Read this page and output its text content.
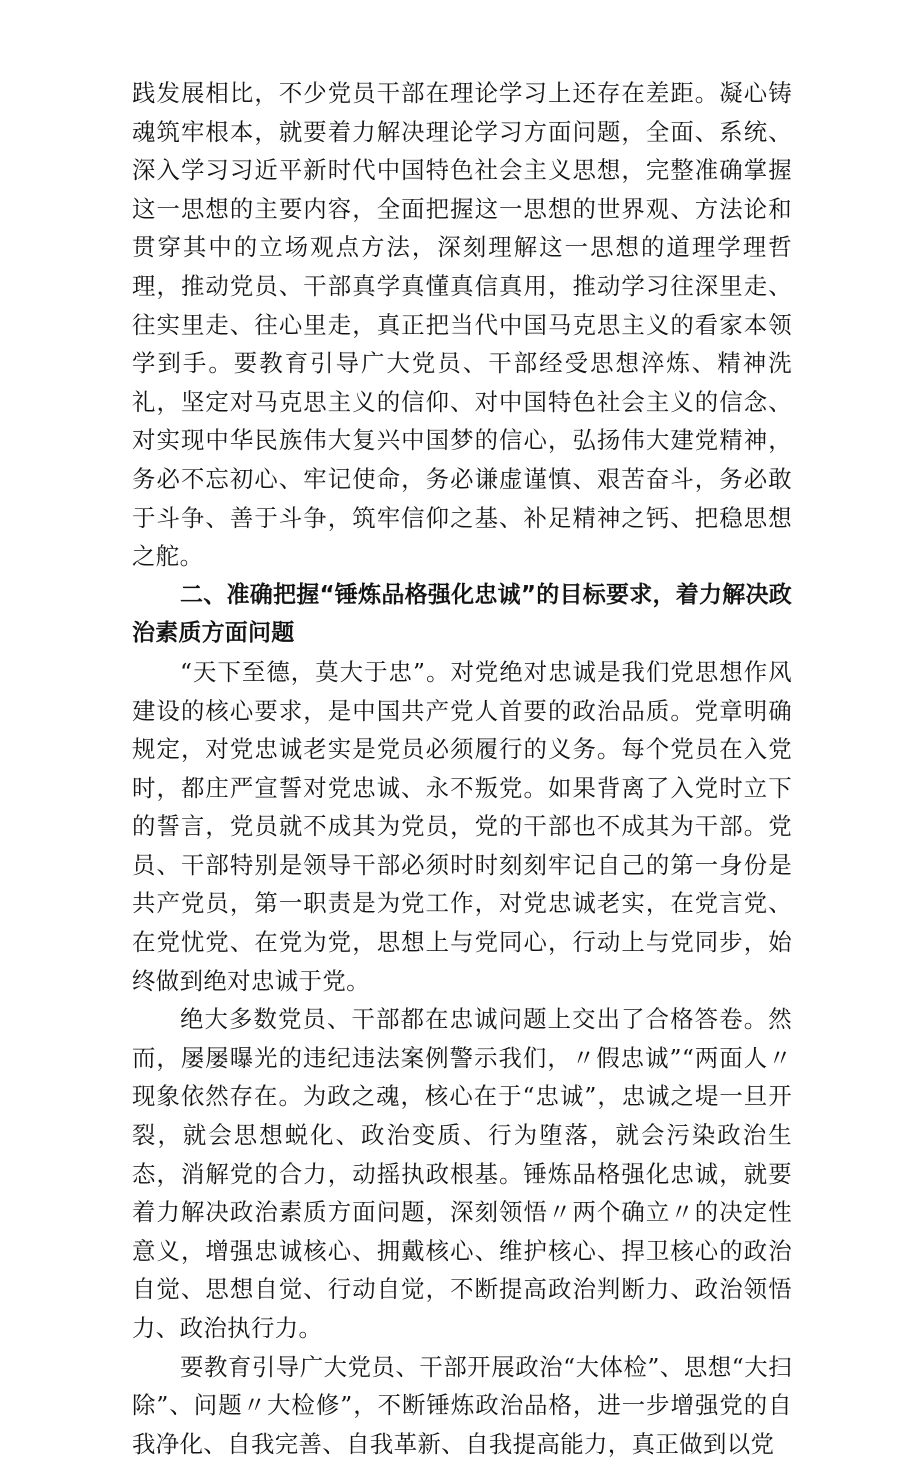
践发展相比，不少党员干部在理论学习上还存在差距。凝心铸魂筑牢根本，就要着力解决理论学习方面问题，全面、系统、深入学习习近平新时代中国特色社会主义思想，完整准确掌握这一思想的主要内容，全面把握这一思想的世界观、方法论和贯穿其中的立场观点方法，深刻理解这一思想的道理学理哲理，推动党员、干部真学真懂真信真用，推动学习往深里走、往实里走、往心里走，真正把当代中国马克思主义的看家本领学到手。要教育引导广大党员、干部经受思想淬炼、精神洗礼，坚定对马克思主义的信仰、对中国特色社会主义的信念、对实现中华民族伟大复兴中国梦的信心，弘扬伟大建党精神，务必不忘初心、牢记使命，务必谦虚谨慎、艰苦奋斗，务必敢于斗争、善于斗争，筑牢信仰之基、补足精神之钙、把稳思想之舵。

二、准确把握“锤炼品格强化忠诚”的目标要求，着力解决政治素质方面问题

“天下至德，莫大于忠”。对党绝对忠诚是我们党思想作风建设的核心要求，是中国共产党人首要的政治品质。党章明确规定，对党忠诚老实是党员必须履行的义务。每个党员在入党时，都庄严宣誓对党忠诚、永不叛党。如果背离了入党时立下的誓言，党员就不成其为党员，党的干部也不成其为干部。党员、干部特别是领导干部必须时时刻刻牢记自己的第一身份是共产党员，第一职责是为党工作，对党忠诚老实，在党言党、在党忧党、在党为党，思想上与党同心，行动上与党同步，始终做到绝对忠诚于党。

绝大多数党员、干部都在忠诚问题上交出了合格答卷。然而，屡屡曝光的违纪违法案例警示我们，〃假忠诚”“两面人〃现象依然存在。为政之魂，核心在于“忠诚”，忠诚之堤一旦开裂，就会思想蜕化、政治变质、行为堕落，就会污染政治生态，消解党的合力，动摇执政根基。锤炼品格强化忠诚，就要着力解决政治素质方面问题，深刻领悟〃两个确立〃的决定性意义，增强忠诚核心、拥戴核心、维护核心、捍卫核心的政治自觉、思想自觉、行动自觉，不断提高政治判断力、政治领悟力、政治执行力。

要教育引导广大党员、干部开展政治“大体检”、思想“大扫除”、问题〃大检修”，不断锤炼政治品格，进一步增强党的自我净化、自我完善、自我革新、自我提高能力，真正做到以党
